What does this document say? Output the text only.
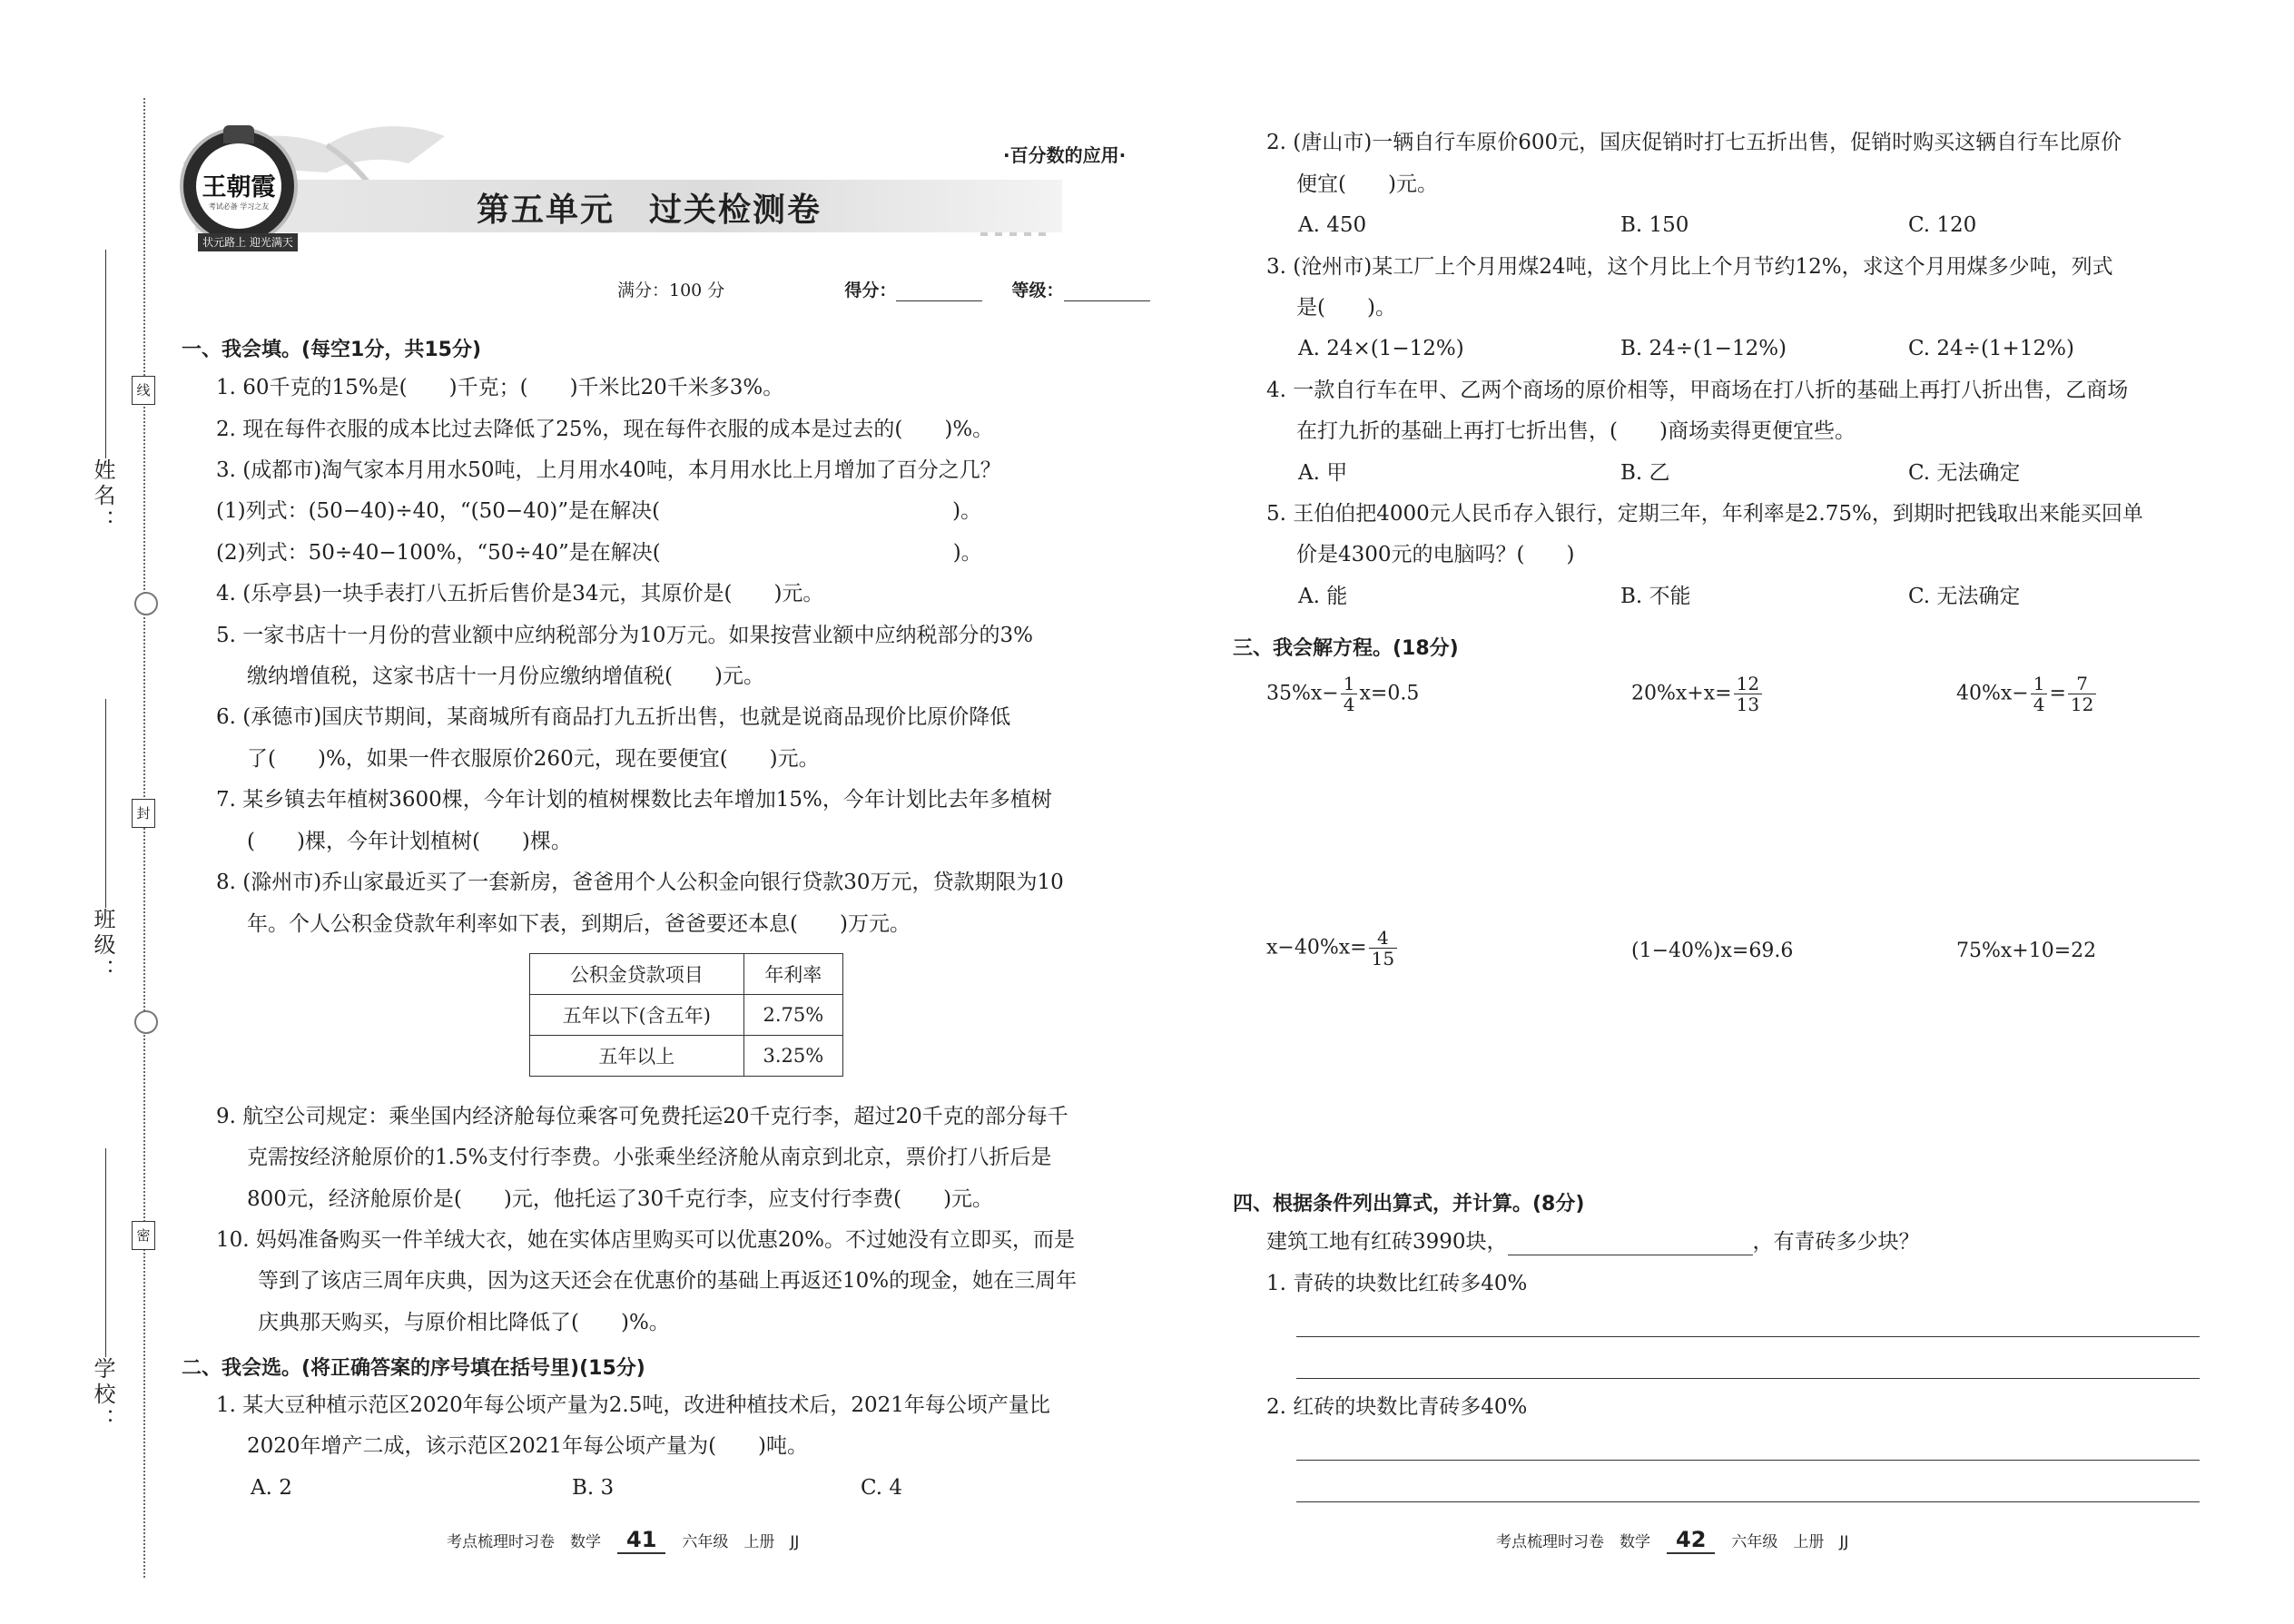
姓名：
线
班级：
封
学校：
密
王朝霞
考试必备 学习之友
状元路上 迎光满天
·百分数的应用·
第五单元　过关检测卷
满分：100 分	得分：	等级：
一、我会填。(每空1分，共15分)
1. 60千克的15%是(　　)千克；(　　)千米比20千米多3%。
2. 现在每件衣服的成本比过去降低了25%，现在每件衣服的成本是过去的(　　)%。
3. (成都市)淘气家本月用水50吨，上月用水40吨，本月用水比上月增加了百分之几？
(1)列式：(50−40)÷40，“(50−40)”是在解决(　　　　　　　　　　　　　　)。
(2)列式：50÷40−100%，“50÷40”是在解决(　　　　　　　　　　　　　　)。
4. (乐亭县)一块手表打八五折后售价是34元，其原价是(　　)元。
5. 一家书店十一月份的营业额中应纳税部分为10万元。如果按营业额中应纳税部分的3%
缴纳增值税，这家书店十一月份应缴纳增值税(　　)元。
6. (承德市)国庆节期间，某商城所有商品打九五折出售，也就是说商品现价比原价降低
了(　　)%，如果一件衣服原价260元，现在要便宜(　　)元。
7. 某乡镇去年植树3600棵，今年计划的植树棵数比去年增加15%，今年计划比去年多植树
(　　)棵，今年计划植树(　　)棵。
8. (滁州市)乔山家最近买了一套新房，爸爸用个人公积金向银行贷款30万元，贷款期限为10
年。个人公积金贷款年利率如下表，到期后，爸爸要还本息(　　)万元。
公积金贷款项目	年利率
五年以下(含五年)	2.75%
五年以上	3.25%
9. 航空公司规定：乘坐国内经济舱每位乘客可免费托运20千克行李，超过20千克的部分每千
克需按经济舱原价的1.5%支付行李费。小张乘坐经济舱从南京到北京，票价打八折后是
800元，经济舱原价是(　　)元，他托运了30千克行李，应支付行李费(　　)元。
10. 妈妈准备购买一件羊绒大衣，她在实体店里购买可以优惠20%。不过她没有立即买，而是
等到了该店三周年庆典，因为这天还会在优惠价的基础上再返还10%的现金，她在三周年
庆典那天购买，与原价相比降低了(　　)%。
二、我会选。(将正确答案的序号填在括号里)(15分)
1. 某大豆种植示范区2020年每公顷产量为2.5吨，改进种植技术后，2021年每公顷产量比
2020年增产二成，该示范区2021年每公顷产量为(　　)吨。
A. 2	B. 3	C. 4
考点梳理时习卷　数学 41 六年级　上册　JJ
2. (唐山市)一辆自行车原价600元，国庆促销时打七五折出售，促销时购买这辆自行车比原价
便宜(　　)元。
A. 450	B. 150	C. 120
3. (沧州市)某工厂上个月用煤24吨，这个月比上个月节约12%，求这个月用煤多少吨，列式
是(　　)。
A. 24×(1−12%)	B. 24÷(1−12%)	C. 24÷(1+12%)
4. 一款自行车在甲、乙两个商场的原价相等，甲商场在打八折的基础上再打八折出售，乙商场
在打九折的基础上再打七折出售，(　　)商场卖得更便宜些。
A. 甲	B. 乙	C. 无法确定
5. 王伯伯把4000元人民币存入银行，定期三年，年利率是2.75%，到期时把钱取出来能买回单
价是4300元的电脑吗？(　　)
A. 能	B. 不能	C. 无法确定
三、我会解方程。(18分)
$35\%x- \frac{1}{4} x=0.5$	$20\%x+x= \frac{12}{13}$	$40\%x- \frac{1}{4} = \frac{7}{12}$
$x-40\%x= \frac{4}{15}$	(1−40%)x=69.6	75%x+10=22
四、根据条件列出算式，并计算。(8分)
建筑工地有红砖3990块，	，有青砖多少块？
1. 青砖的块数比红砖多40%
2. 红砖的块数比青砖多40%
考点梳理时习卷　数学 42 六年级　上册　JJ
